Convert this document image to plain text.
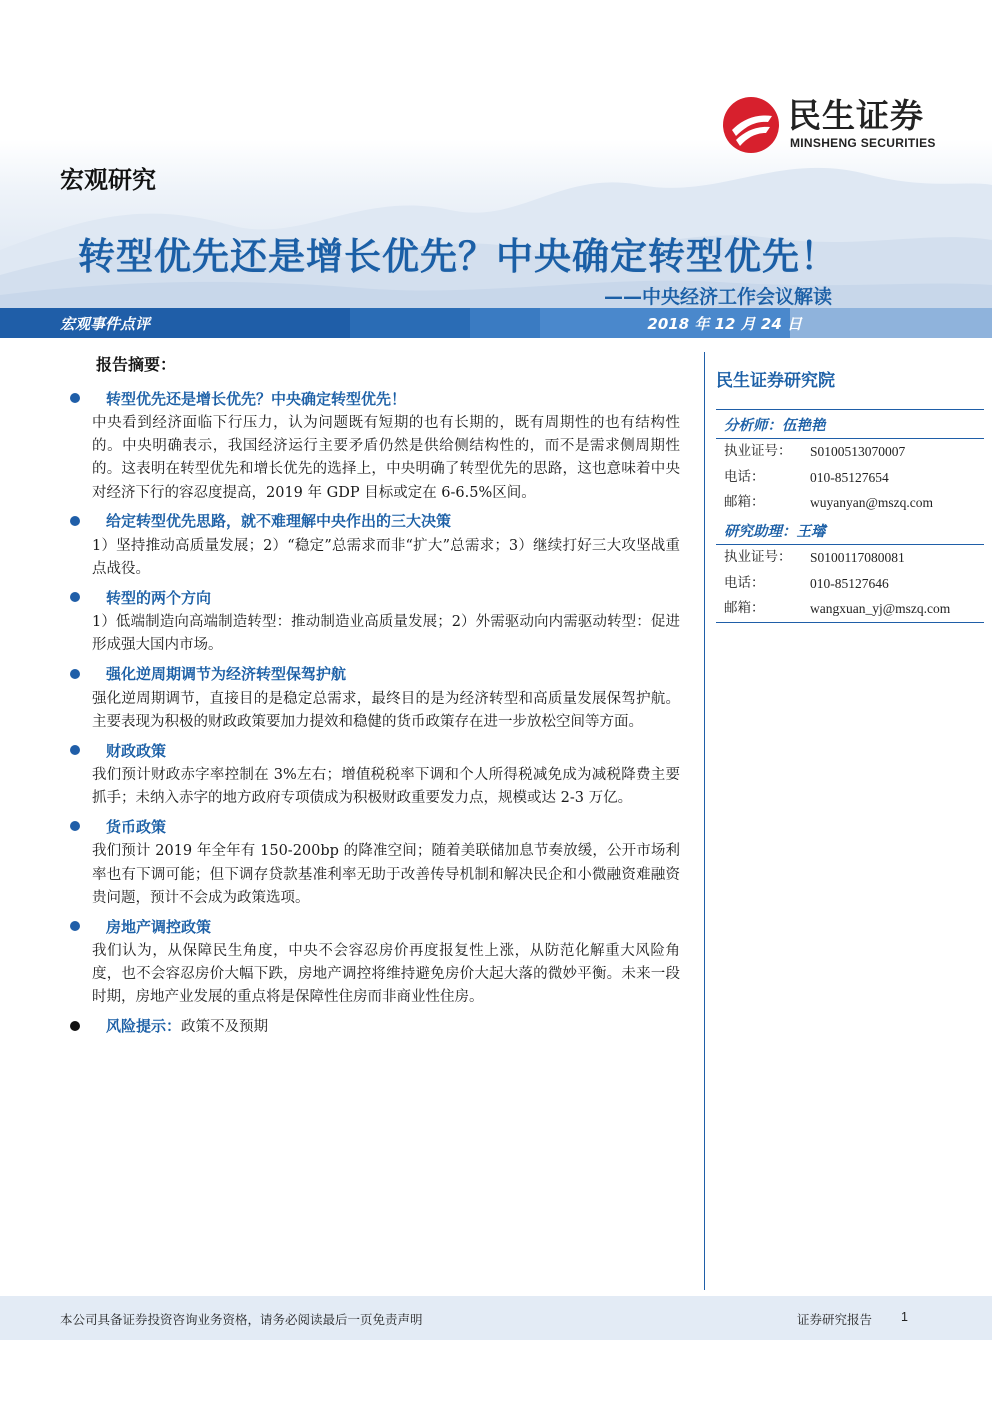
民生证券
MINSHENG SECURITIES
宏观研究
转型优先还是增长优先？中央确定转型优先！
——中央经济工作会议解读
宏观事件点评	2018 年 12 月 24 日
报告摘要：
转型优先还是增长优先？中央确定转型优先！
中央看到经济面临下行压力，认为问题既有短期的也有长期的，既有周期性的也有结构性的。中央明确表示，我国经济运行主要矛盾仍然是供给侧结构性的，而不是需求侧周期性的。这表明在转型优先和增长优先的选择上，中央明确了转型优先的思路，这也意味着中央对经济下行的容忍度提高，2019 年 GDP 目标或定在 6-6.5%区间。
给定转型优先思路，就不难理解中央作出的三大决策
1）坚持推动高质量发展；2）“稳定”总需求而非“扩大”总需求；3）继续打好三大攻坚战重点战役。
转型的两个方向
1）低端制造向高端制造转型：推动制造业高质量发展；2）外需驱动向内需驱动转型：促进形成强大国内市场。
强化逆周期调节为经济转型保驾护航
强化逆周期调节，直接目的是稳定总需求，最终目的是为经济转型和高质量发展保驾护航。主要表现为积极的财政政策要加力提效和稳健的货币政策存在进一步放松空间等方面。
财政政策
我们预计财政赤字率控制在 3%左右；增值税税率下调和个人所得税减免成为减税降费主要抓手；未纳入赤字的地方政府专项债成为积极财政重要发力点，规模或达 2-3 万亿。
货币政策
我们预计 2019 年全年有 150-200bp 的降准空间；随着美联储加息节奏放缓，公开市场利率也有下调可能；但下调存贷款基准利率无助于改善传导机制和解决民企和小微融资难融资贵问题，预计不会成为政策选项。
房地产调控政策
我们认为，从保障民生角度，中央不会容忍房价再度报复性上涨，从防范化解重大风险角度，也不会容忍房价大幅下跌，房地产调控将维持避免房价大起大落的微妙平衡。未来一段时期，房地产业发展的重点将是保障性住房而非商业性住房。
风险提示： 政策不及预期
民生证券研究院
分析师：伍艳艳
执业证号：	S0100513070007
电话：	010-85127654
邮箱：	wuyanyan@mszq.com
研究助理：王璿
执业证号：	S0100117080081
电话：	010-85127646
邮箱：	wangxuan_yj@mszq.com
本公司具备证券投资咨询业务资格，请务必阅读最后一页免责声明	证券研究报告 1
